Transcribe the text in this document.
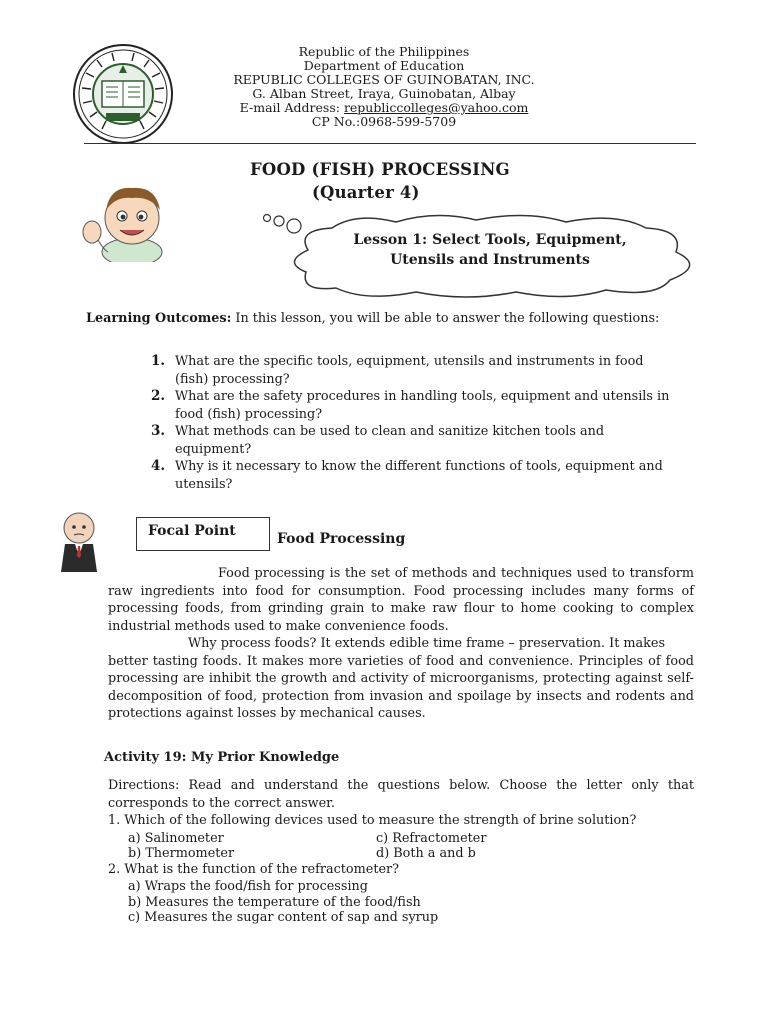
Republic of the Philippines
Department of Education
REPUBLIC COLLEGES OF GUINOBATAN, INC.
G. Alban Street, Iraya, Guinobatan, Albay
E-mail Address: republiccolleges@yahoo.com
CP No.:0968-599-5709
FOOD (FISH) PROCESSING
(Quarter 4)
Lesson 1: Select Tools, Equipment,
Utensils and Instruments
Learning Outcomes: In this lesson, you will be able to answer the following questions:
1. What are the specific tools, equipment, utensils and instruments in food (fish) processing?
2. What are the safety procedures in handling tools, equipment and utensils in food (fish) processing?
3. What methods can be used to clean and sanitize kitchen tools and equipment?
4. Why is it necessary to know the different functions of tools, equipment and utensils?
Focal Point	Food Processing
Food processing is the set of methods and techniques used to transform raw ingredients into food for consumption. Food processing includes many forms of processing foods, from grinding grain to make raw flour to home cooking to complex industrial methods used to make convenience foods.
Why process foods? It extends edible time frame – preservation. It makes
better tasting foods. It makes more varieties of food and convenience. Principles of food processing are inhibit the growth and activity of microorganisms, protecting against self-decomposition of food, protection from invasion and spoilage by insects and rodents and protections against losses by mechanical causes.
Activity 19: My Prior Knowledge
Directions: Read and understand the questions below. Choose the letter only that corresponds to the correct answer.
1. Which of the following devices used to measure the strength of brine solution?
a) Salinometer	c) Refractometer
b) Thermometer	d) Both a and b
2. What is the function of the refractometer?
a) Wraps the food/fish for processing
b) Measures the temperature of the food/fish
c) Measures the sugar content of sap and syrup
